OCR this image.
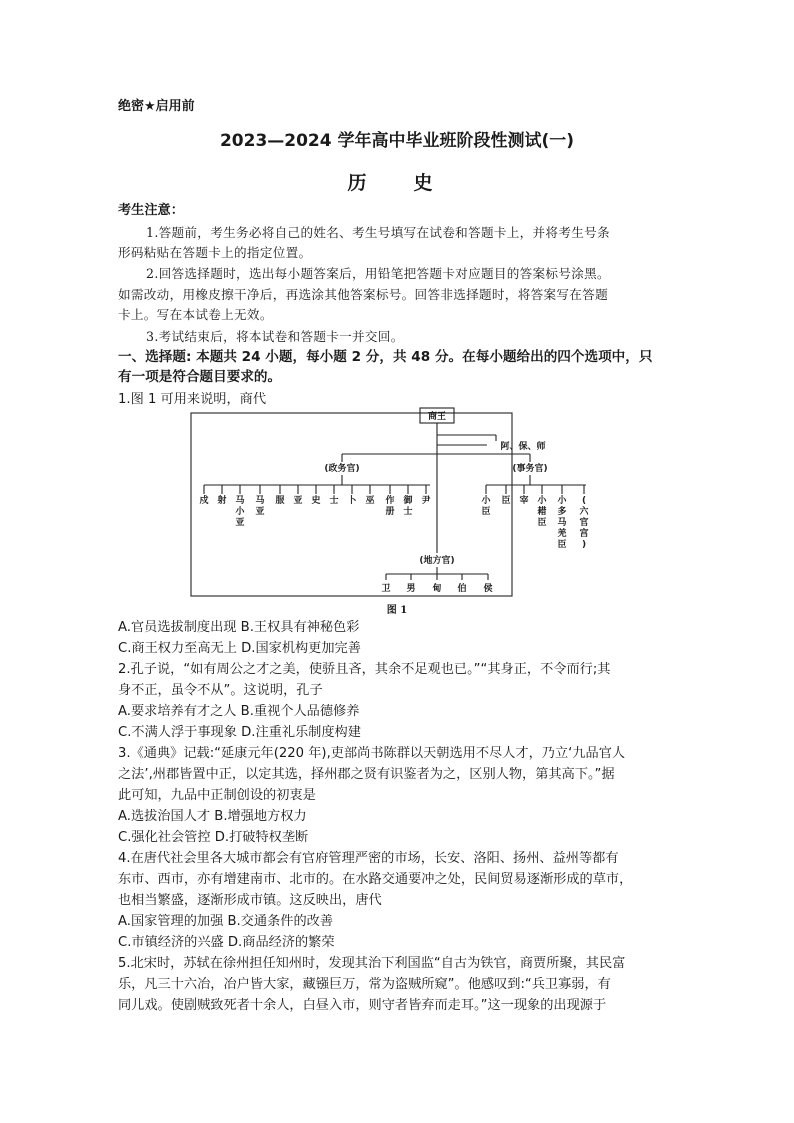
绝密★启用前
2023—2024 学年高中毕业班阶段性测试(一)
历　史
考生注意：
1.答题前，考生务必将自己的姓名、考生号填写在试卷和答题卡上，并将考生号条
形码粘贴在答题卡上的指定位置。
2.回答选择题时，选出每小题答案后，用铅笔把答题卡对应题目的答案标号涂黑。
如需改动，用橡皮擦干净后，再选涂其他答案标号。回答非选择题时，将答案写在答题
卡上。写在本试卷上无效。
3.考试结束后，将本试卷和答题卡一并交回。
一、选择题: 本题共 24 小题，每小题 2 分，共 48 分。在每小题给出的四个选项中，只
有一项是符合题目要求的。
1.图 1 可用来说明，商代
商王
阿、保、师
(政务官)	(事务官)
戍 射 马小亚
马亚
服 亚 史 士 卜 巫 作册
御士
尹	小臣
臣 宰 小耤臣
小多马羌臣
(六官宫)
(地方官)
卫 男 甸 伯 侯
图 1
A.官员选拔制度出现 B.王权具有神秘色彩
C.商王权力至高无上 D.国家机构更加完善
2.孔子说，“如有周公之才之美，使骄且吝，其余不足观也已。”“其身正，不令而行;其
身不正，虽令不从”。这说明，孔子
A.要求培养有才之人 B.重视个人品德修养
C.不满人浮于事现象 D.注重礼乐制度构建
3.《通典》记载:“延康元年(220 年),吏部尚书陈群以天朝选用不尽人才，乃立‘九品官人
之法’,州郡皆置中正，以定其选，择州郡之贤有识鉴者为之，区别人物，第其高下。”据
此可知，九品中正制创设的初衷是
A.选拔治国人才 B.增强地方权力
C.强化社会管控 D.打破特权垄断
4.在唐代社会里各大城市都会有官府管理严密的市场，长安、洛阳、扬州、益州等都有
东市、西市，亦有增建南市、北市的。在水路交通要冲之处，民间贸易逐渐形成的草市，
也相当繁盛，逐渐形成市镇。这反映出，唐代
A.国家管理的加强 B.交通条件的改善
C.市镇经济的兴盛 D.商品经济的繁荣
5.北宋时，苏轼在徐州担任知州时，发现其治下利国监“自古为铁官，商贾所聚，其民富
乐，凡三十六冶，冶户皆大家，藏镪巨万，常为盗贼所窥”。他感叹到:“兵卫寡弱，有
同儿戏。使剧贼致死者十余人，白昼入市，则守者皆弃而走耳。”这一现象的出现源于
